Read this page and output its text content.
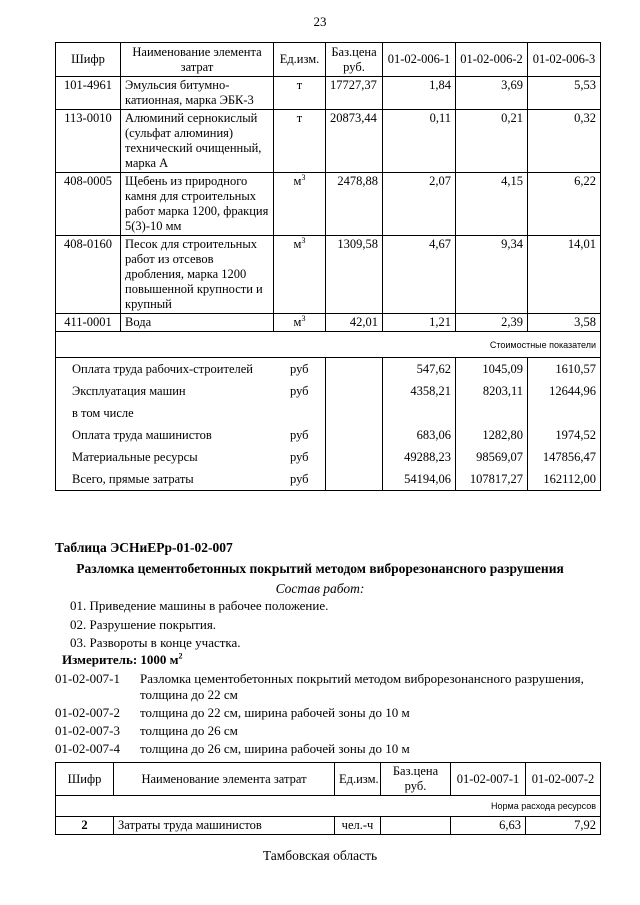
23
Шифр	Наименование элемента затрат	Ед.изм.	Баз.цена руб.	01-02-006-1	01-02-006-2	01-02-006-3
101-4961	Эмульсия битумно-катионная, марка ЭБК-3	т	17727,37	1,84	3,69	5,53
113-0010	Алюминий сернокислый (сульфат алюминия) технический очищенный, марка А	т	20873,44	0,11	0,21	0,32
408-0005	Щебень из природного камня для строительных работ марка 1200, фракция 5(3)-10 мм	$м^3$	2478,88	2,07	4,15	6,22
408-0160	Песок для строительных работ из отсевов дробления, марка 1200 повышенной крупности и крупный	$м^3$	1309,58	4,67	9,34	14,01
411-0001	Вода	$м^3$	42,01	1,21	2,39	3,58
Стоимостные показатели						
Оплата труда рабочих-строителей		руб		547,62	1045,09	1610,57
Эксплуатация машин		руб		4358,21	8203,11	12644,96
в том числе						
Оплата труда машинистов		руб		683,06	1282,80	1974,52
Материальные ресурсы		руб		49288,23	98569,07	147856,47
Всего, прямые затраты		руб		54194,06	107817,27	162112,00
Таблица ЭСНиЕРр-01-02-007
Разломка цементобетонных покрытий методом виброрезонансного разрушения
Состав работ:
01. Приведение машины в рабочее положение.
02. Разрушение покрытия.
03. Развороты в конце участка.
Измеритель: 1000 $м^2$
01-02-007-1 Разломка цементобетонных покрытий методом виброрезонансного разрушения,
толщина до 22 см
01-02-007-2 толщина до 22 см, ширина рабочей зоны до 10 м
01-02-007-3 толщина до 26 см
01-02-007-4 толщина до 26 см, ширина рабочей зоны до 10 м
Шифр	Наименование элемента затрат	Ед.изм.	Баз.цена руб.	01-02-007-1	01-02-007-2
Норма расхода ресурсов					
2	Затраты труда машинистов	чел.-ч		6,63	7,92
Тамбовская область
